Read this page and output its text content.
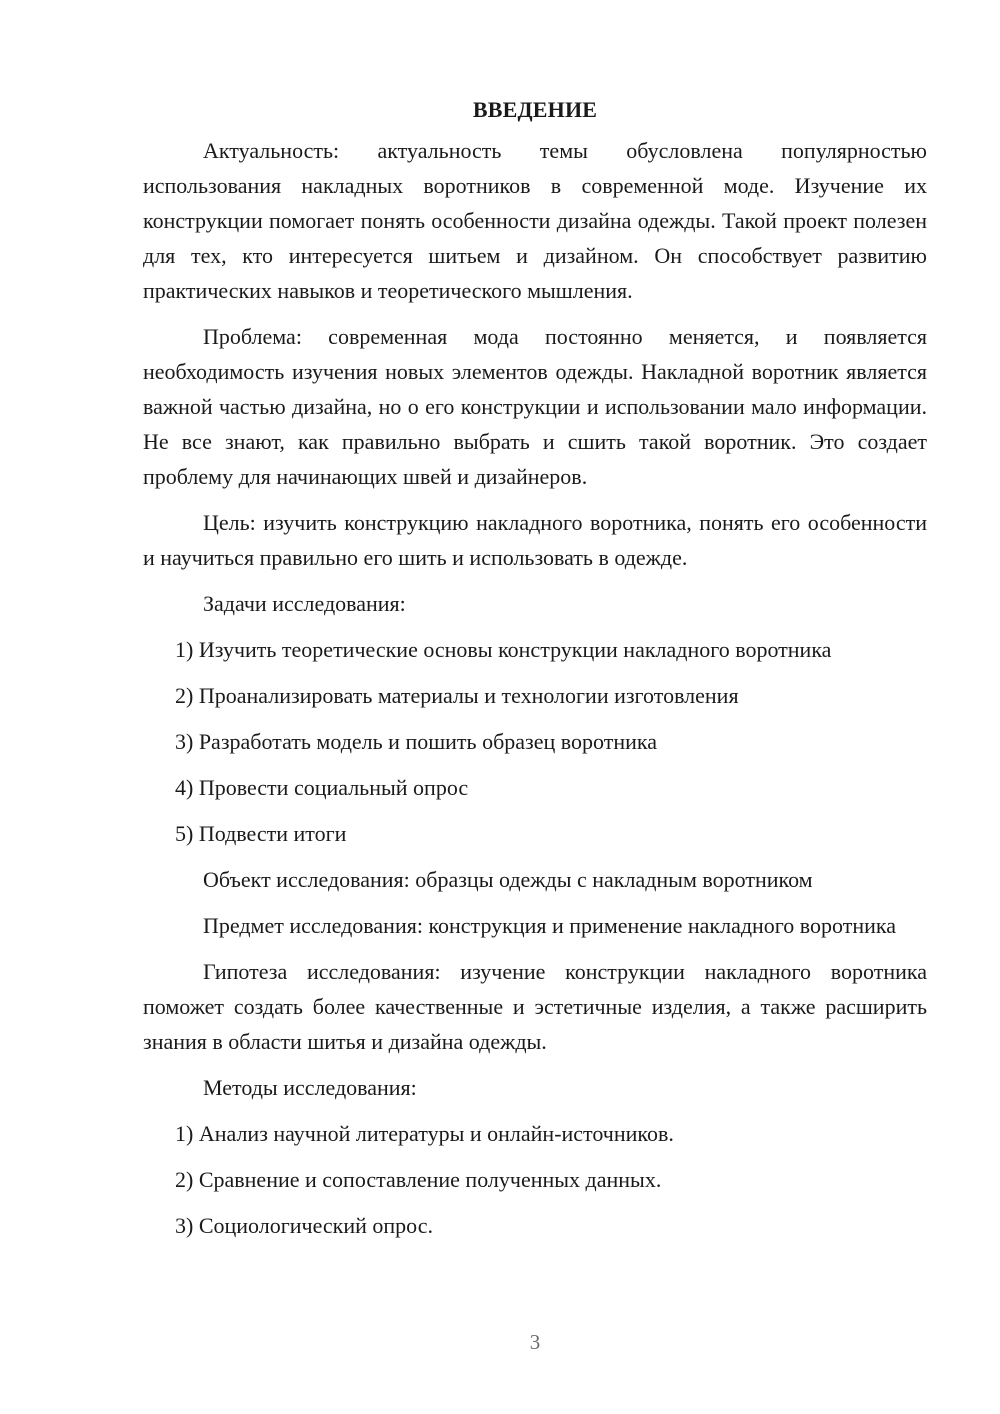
ВВЕДЕНИЕ

Актуальность: актуальность темы обусловлена популярностью использования накладных воротников в современной моде. Изучение их конструкции помогает понять особенности дизайна одежды. Такой проект полезен для тех, кто интересуется шитьем и дизайном. Он способствует развитию практических навыков и теоретического мышления.

Проблема: современная мода постоянно меняется, и появляется необходимость изучения новых элементов одежды. Накладной воротник является важной частью дизайна, но о его конструкции и использовании мало информации. Не все знают, как правильно выбрать и сшить такой воротник. Это создает проблему для начинающих швей и дизайнеров.

Цель: изучить конструкцию накладного воротника, понять его особенности и научиться правильно его шить и использовать в одежде.

Задачи исследования:

1) Изучить теоретические основы конструкции накладного воротника

2) Проанализировать материалы и технологии изготовления

3) Разработать модель и пошить образец воротника

4) Провести социальный опрос

5) Подвести итоги

Объект исследования: образцы одежды с накладным воротником

Предмет исследования: конструкция и применение накладного воротника

Гипотеза исследования: изучение конструкции накладного воротника поможет создать более качественные и эстетичные изделия, а также расширить знания в области шитья и дизайна одежды.

Методы исследования:

1) Анализ научной литературы и онлайн-источников.

2) Сравнение и сопоставление полученных данных.

3) Социологический опрос.

3
